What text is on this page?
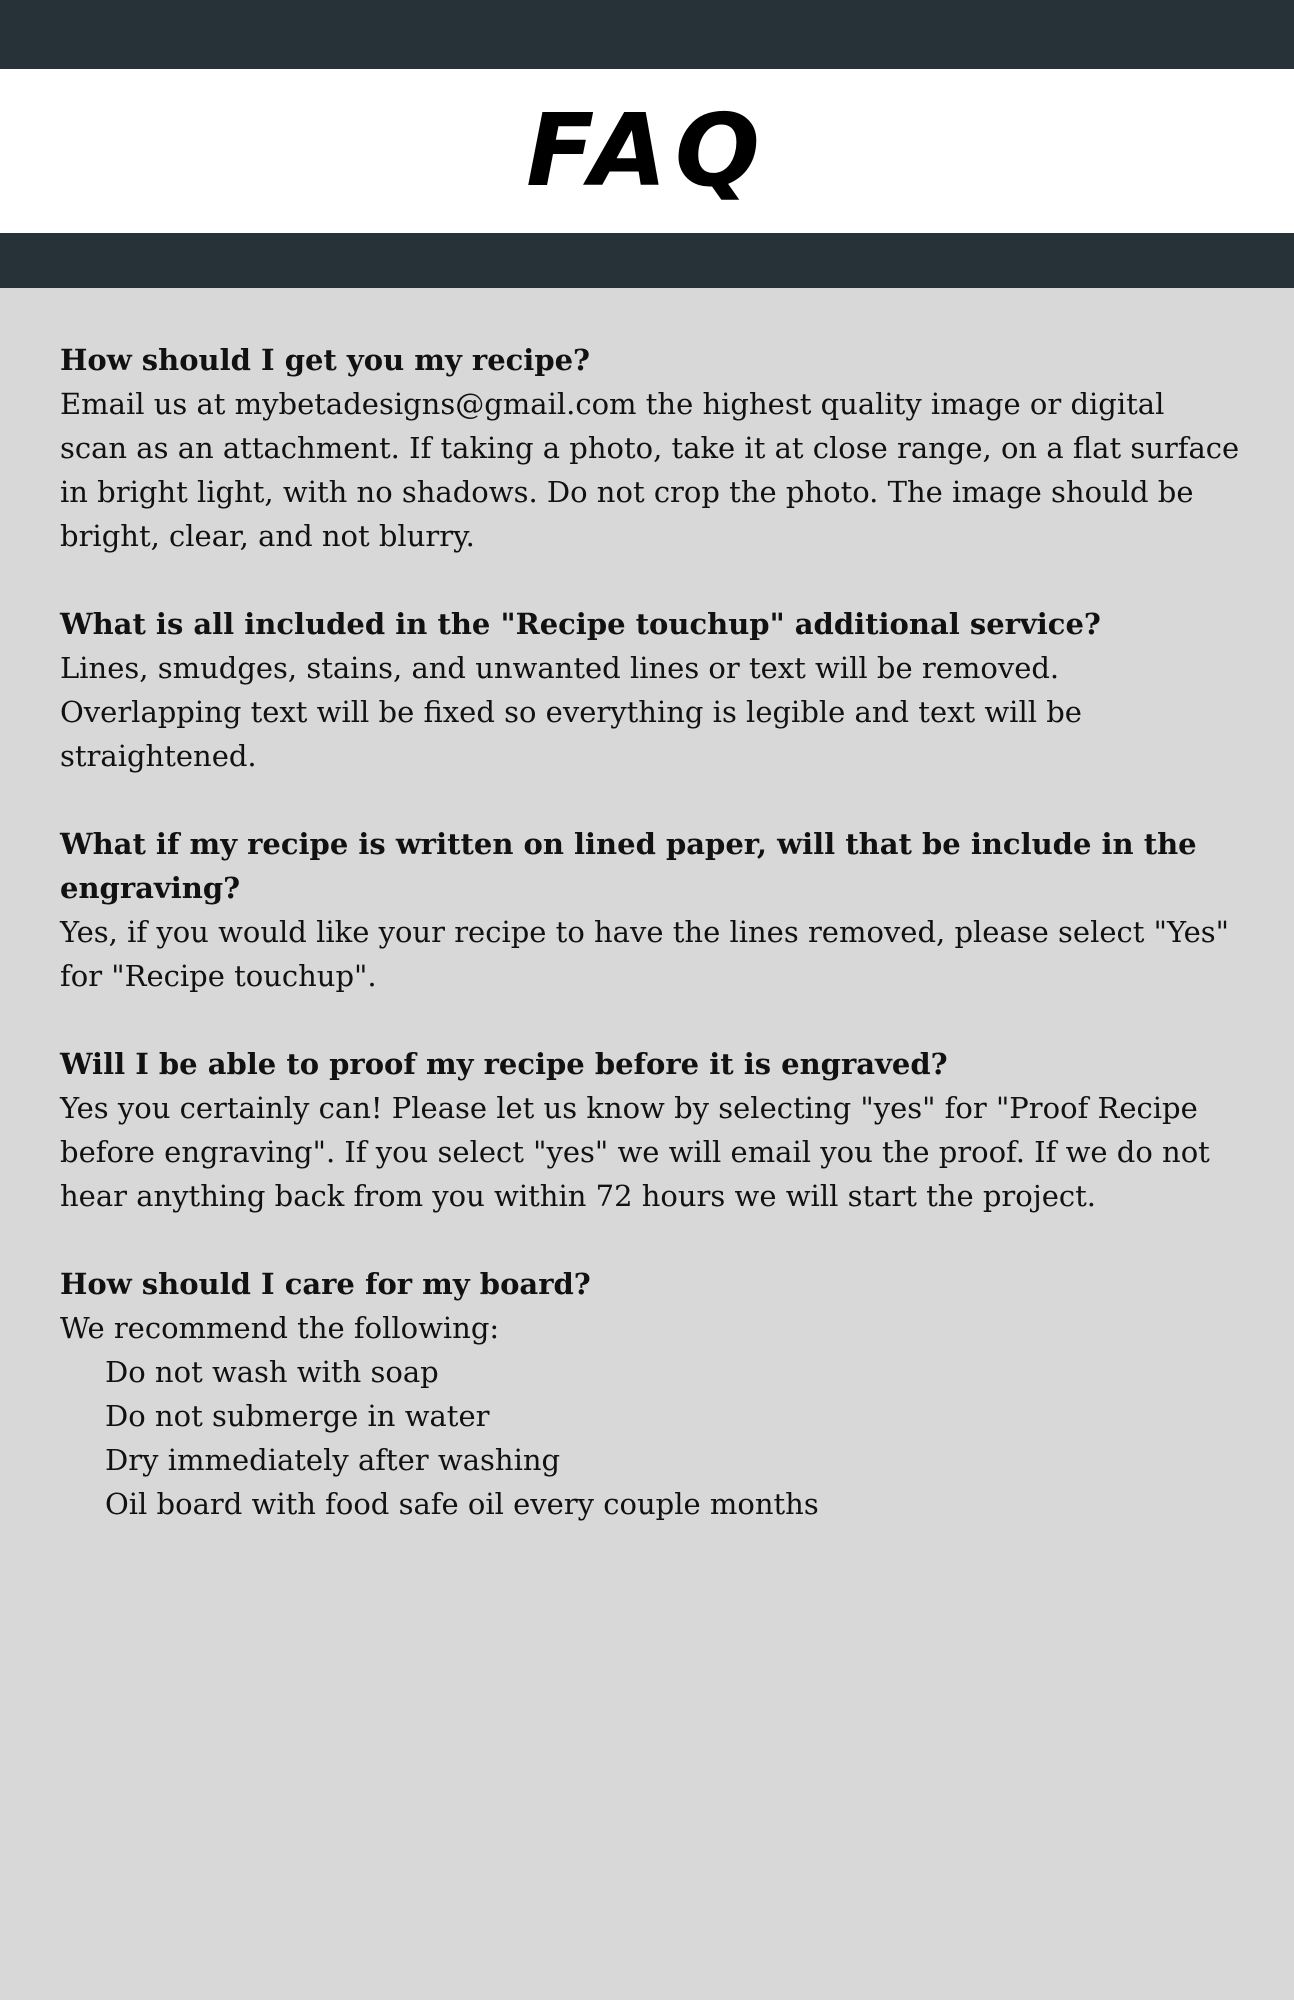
FAQ

How should I get you my recipe?

Email us at mybetadesigns@gmail.com the highest quality image or digital scan as an attachment. If taking a photo, take it at close range, on a flat surface in bright light, with no shadows. Do not crop the photo. The image should be bright, clear, and not blurry.

What is all included in the "Recipe touchup" additional service?

Lines, smudges, stains, and unwanted lines or text will be removed. Overlapping text will be fixed so everything is legible and text will be straightened.

What if my recipe is written on lined paper, will that be include in the engraving?

Yes, if you would like your recipe to have the lines removed, please select "Yes" for "Recipe touchup".

Will I be able to proof my recipe before it is engraved?

Yes you certainly can! Please let us know by selecting "yes" for "Proof Recipe before engraving". If you select "yes" we will email you the proof. If we do not hear anything back from you within 72 hours we will start the project.

How should I care for my board?

We recommend the following:

Do not wash with soap
Do not submerge in water
Dry immediately after washing
Oil board with food safe oil every couple months
